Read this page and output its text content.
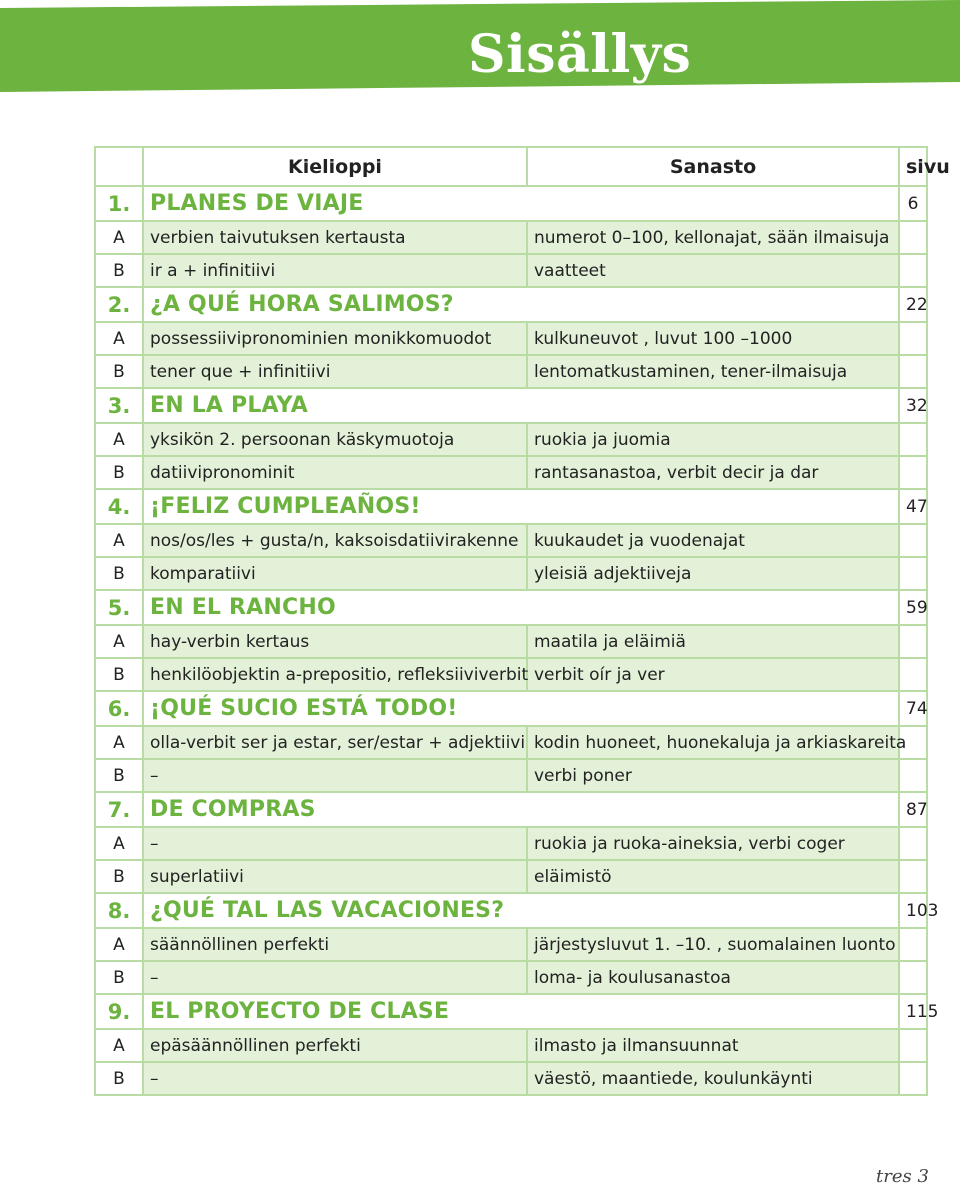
Sisällys
	Kielioppi	Sanasto	sivu
1.	PLANES DE VIAJE		6
A	verbien taivutuksen kertausta	numerot 0–100, kellonajat, sään ilmaisuja	
B	ir a + infinitiivi	vaatteet	
2.	¿A QUÉ HORA SALIMOS?		22
A	possessiivipronominien monikkomuodot	kulkuneuvot , luvut 100 –1000	
B	tener que + infinitiivi	lentomatkustaminen, tener-ilmaisuja	
3.	EN LA PLAYA		32
A	yksikön 2. persoonan käskymuotoja	ruokia ja juomia	
B	datiivipronominit	rantasanastoa, verbit decir ja dar	
4.	¡FELIZ CUMPLEAÑOS!		47
A	nos/os/les + gusta/n, kaksoisdatiivirakenne	kuukaudet ja vuodenajat	
B	komparatiivi	yleisiä adjektiiveja	
5.	EN EL RANCHO		59
A	hay-verbin kertaus	maatila ja eläimiä	
B	henkilöobjektin a-prepositio, refleksiiviverbit	verbit oír ja ver	
6.	¡QUÉ SUCIO ESTÁ TODO!		74
A	olla-verbit ser ja estar, ser/estar + adjektiivi	kodin huoneet, huonekaluja ja arkiaskareita	
B	–	verbi poner	
7.	DE COMPRAS		87
A	–	ruokia ja ruoka-aineksia, verbi coger	
B	superlatiivi	eläimistö	
8.	¿QUÉ TAL LAS VACACIONES?		103
A	säännöllinen perfekti	järjestysluvut 1. –10. , suomalainen luonto	
B	–	loma- ja koulusanastoa	
9.	EL PROYECTO DE CLASE		115
A	epäsäännöllinen perfekti	ilmasto ja ilmansuunnat	
B	–	väestö, maantiede, koulunkäynti	
tres 3
